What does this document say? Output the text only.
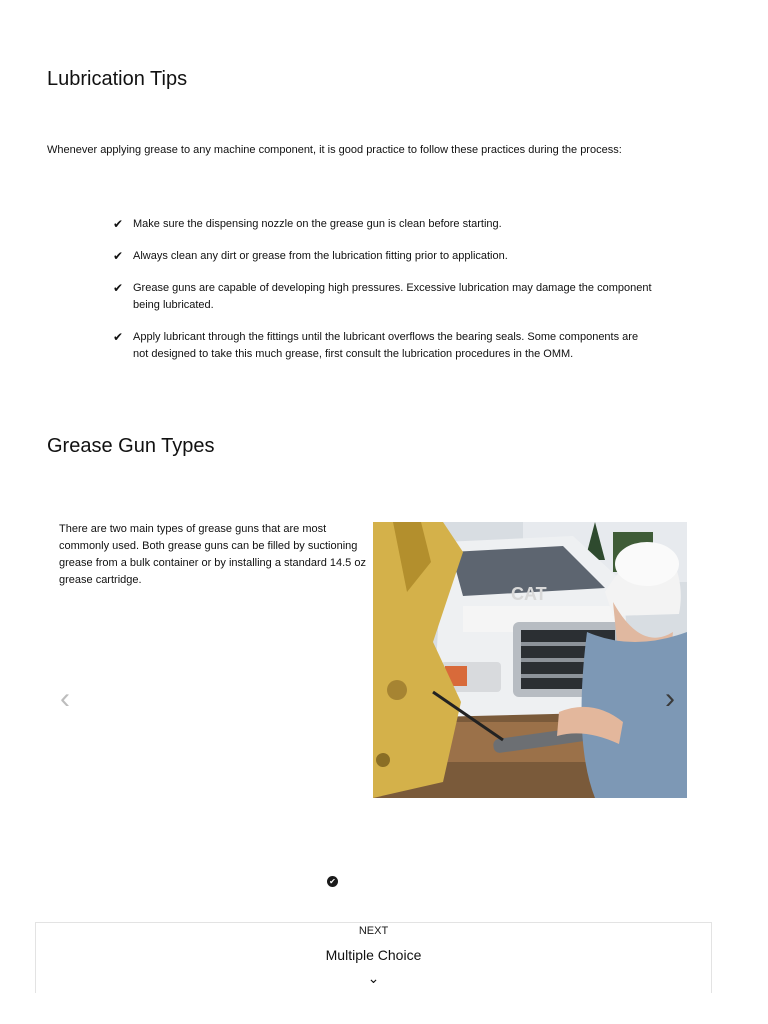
Lubrication Tips

Whenever applying grease to any machine component, it is good practice to follow these practices during the process:

✔ Make sure the dispensing nozzle on the grease gun is clean before starting.
✔ Always clean any dirt or grease from the lubrication fitting prior to application.
✔ Grease guns are capable of developing high pressures. Excessive lubrication may damage the component being lubricated.
✔ Apply lubricant through the fittings until the lubricant overflows the bearing seals. Some components are not designed to take this much grease, first consult the lubrication procedures in the OMM.
Grease Gun Types

There are two main types of grease guns that are most commonly used. Both grease guns can be filled by suctioning grease from a bulk container or by installing a standard 14.5 oz grease cartridge.

CAT
‹	›
✔
NEXT
Multiple Choice
⌄
